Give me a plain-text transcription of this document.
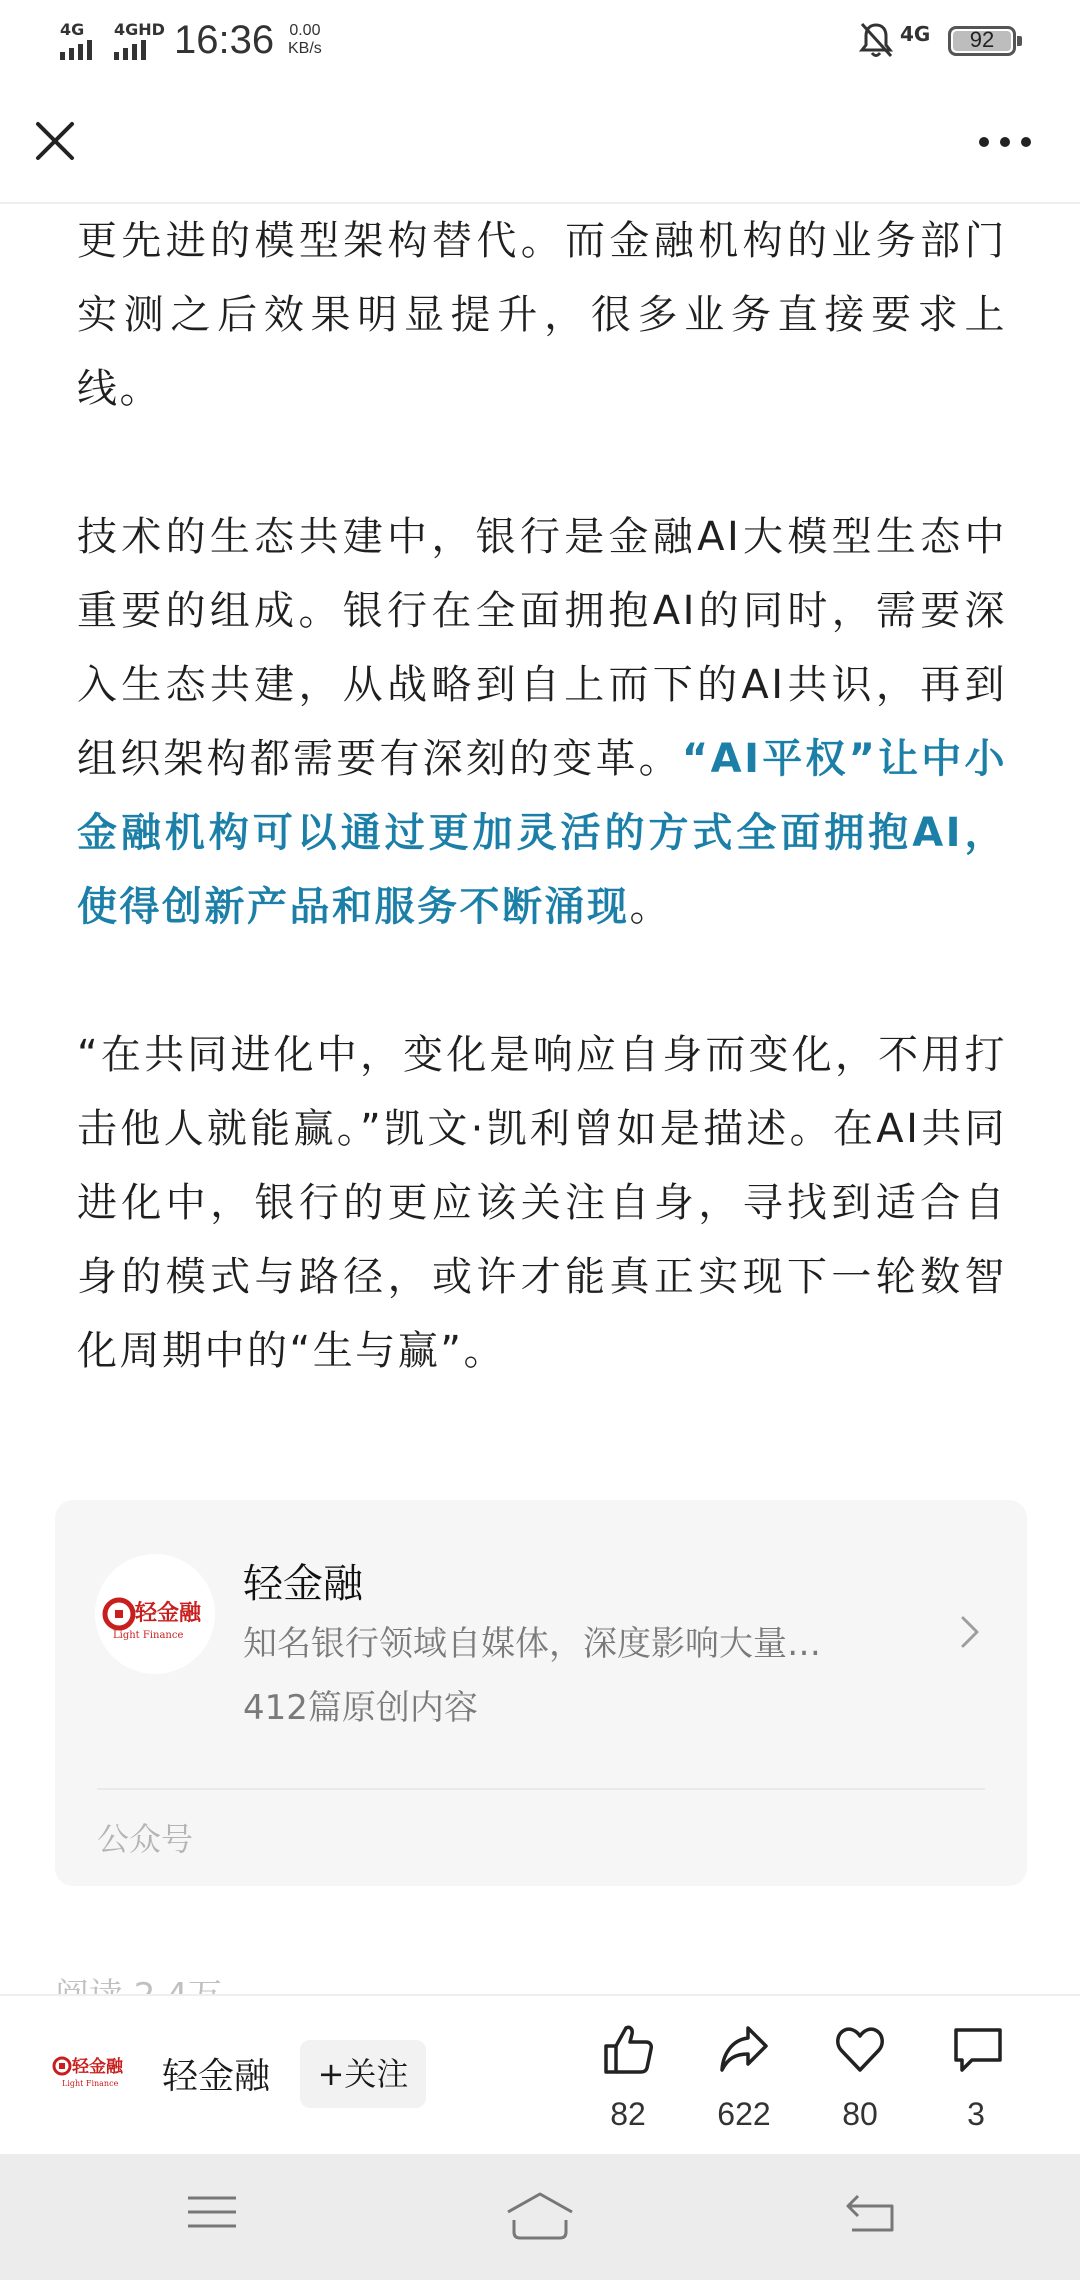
4G 4GHD 16:36 0.00
KB/s
4G	92

更先进的模型架构替代。而金融机构的业务部门实测之后效果明显提升，很多业务直接要求上线。

技术的生态共建中，银行是金融AI大模型生态中重要的组成。银行在全面拥抱AI的同时，需要深入生态共建，从战略到自上而下的AI共识，再到组织架构都需要有深刻的变革。“AI平权”让中小金融机构可以通过更加灵活的方式全面拥抱AI，使得创新产品和服务不断涌现。

“在共同进化中，变化是响应自身而变化，不用打击他人就能赢。”凯文·凯利曾如是描述。在AI共同进化中，银行的更应该关注自身，寻找到适合自身的模式与路径，或许才能真正实现下一轮数智化周期中的“生与赢”。

轻金融
Light Finance
轻金融
知名银行领域自媒体，深度影响大量…
412篇原创内容
公众号
轻金融
Light Finance 轻金融	+关注
82	622	80	3
